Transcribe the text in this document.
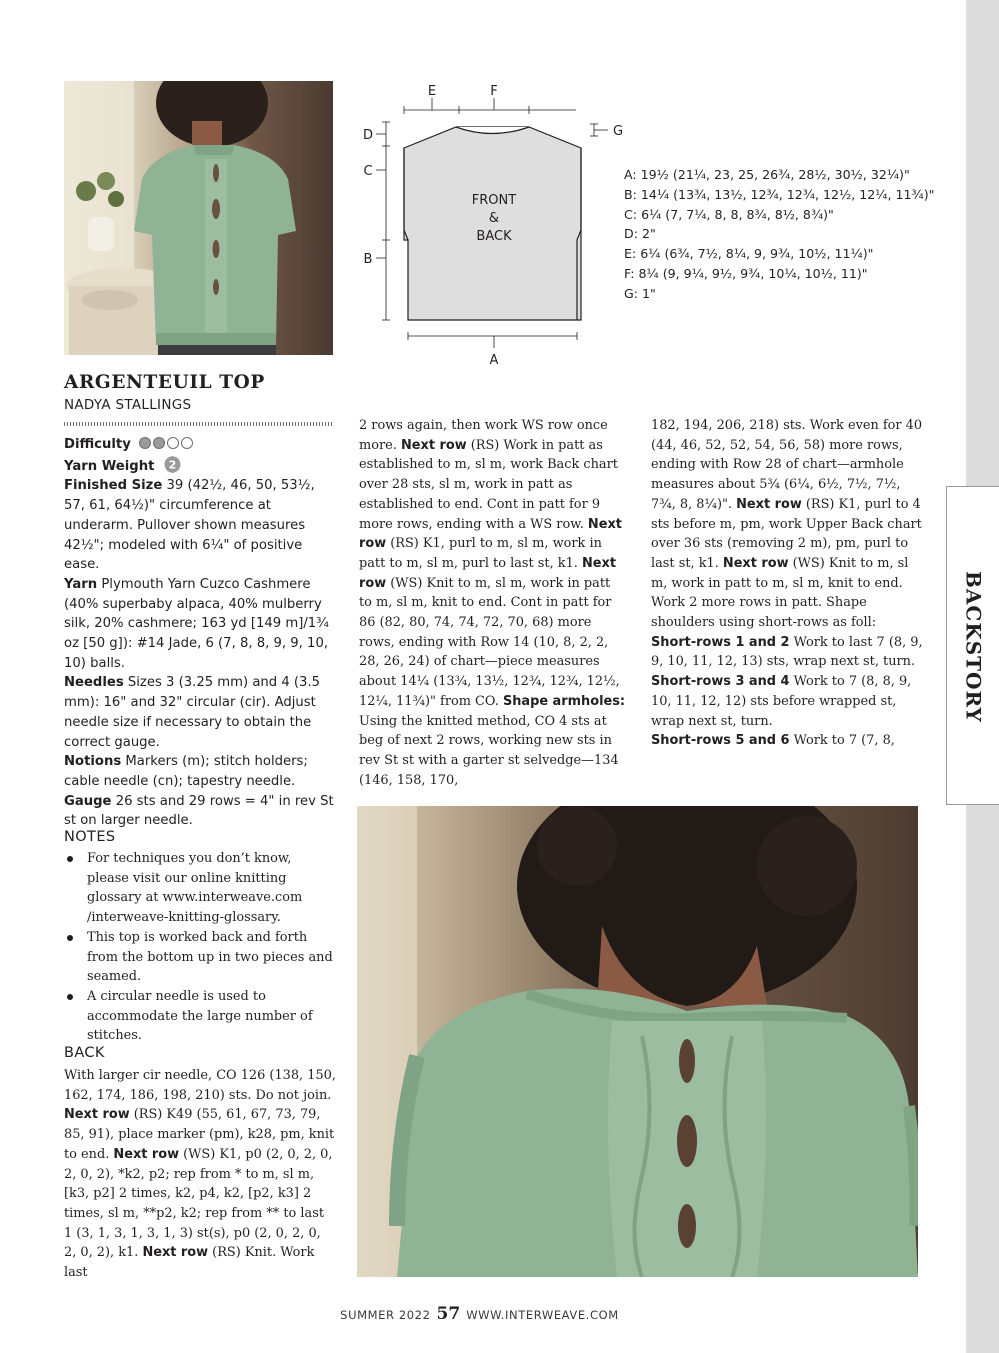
BACKSTORY
FRONT
&
BACK
E	F
D
C
B
G
A
A: 19½ (21¼, 23, 25, 26¾, 28½, 30½, 32¼)"
B: 14¼ (13¾, 13½, 12¾, 12¾, 12½, 12¼, 11¾)"
C: 6¼ (7, 7¼, 8, 8, 8¾, 8½, 8¾)"
D: 2"
E: 6¼ (6¾, 7½, 8¼, 9, 9¾, 10½, 11¼)"
F: 8¼ (9, 9¼, 9½, 9¾, 10¼, 10½, 11)"
G: 1"
ARGENTEUIL TOP
NADYA STALLINGS
Difficulty
Yarn Weight 2
Finished Size 39 (42½, 46, 50, 53½, 57, 61, 64½)" circumference at underarm. Pullover shown measures 42½"; modeled with 6¼" of positive ease.
Yarn Plymouth Yarn Cuzco Cashmere (40% superbaby alpaca, 40% mulberry silk, 20% cashmere; 163 yd [149 m]/1¾ oz [50 g]): #14 Jade, 6 (7, 8, 8, 9, 9, 10, 10) balls.
Needles Sizes 3 (3.25 mm) and 4 (3.5 mm): 16" and 32" circular (cir). Adjust needle size if necessary to obtain the correct gauge.
Notions Markers (m); stitch holders; cable needle (cn); tapestry needle.
Gauge 26 sts and 29 rows = 4" in rev St st on larger needle.
NOTES
For techniques you don’t know, please visit our online knitting glossary at www.interweave.com /interweave-knitting-glossary.
This top is worked back and forth from the bottom up in two pieces and seamed.
A circular needle is used to accommodate the large number of stitches.
BACK
With larger cir needle, CO 126 (138, 150, 162, 174, 186, 198, 210) sts. Do not join. Next row (RS) K49 (55, 61, 67, 73, 79, 85, 91), place marker (pm), k28, pm, knit to end. Next row (WS) K1, p0 (2, 0, 2, 0, 2, 0, 2), *k2, p2; rep from * to m, sl m, [k3, p2] 2 times, k2, p4, k2, [p2, k3] 2 times, sl m, **p2, k2; rep from ** to last 1 (3, 1, 3, 1, 3, 1, 3) st(s), p0 (2, 0, 2, 0, 2, 0, 2), k1. Next row (RS) Knit. Work last
2 rows again, then work WS row once more. Next row (RS) Work in patt as established to m, sl m, work Back chart over 28 sts, sl m, work in patt as established to end. Cont in patt for 9 more rows, ending with a WS row. Next row (RS) K1, purl to m, sl m, work in patt to m, sl m, purl to last st, k1. Next row (WS) Knit to m, sl m, work in patt to m, sl m, knit to end. Cont in patt for 86 (82, 80, 74, 74, 72, 70, 68) more rows, ending with Row 14 (10, 8, 2, 2, 28, 26, 24) of chart—piece measures about 14¼ (13¾, 13½, 12¾, 12¾, 12½, 12¼, 11¾)" from CO. Shape armholes: Using the knitted method, CO 4 sts at beg of next 2 rows, working new sts in rev St st with a garter st selvedge—134 (146, 158, 170,
182, 194, 206, 218) sts. Work even for 40 (44, 46, 52, 52, 54, 56, 58) more rows, ending with Row 28 of chart—armhole measures about 5¾ (6¼, 6½, 7½, 7½, 7¾, 8, 8¼)". Next row (RS) K1, purl to 4 sts before m, pm, work Upper Back chart over 36 sts (removing 2 m), pm, purl to last st, k1. Next row (WS) Knit to m, sl m, work in patt to m, sl m, knit to end. Work 2 more rows in patt. Shape shoulders using short-rows as foll:
Short-rows 1 and 2 Work to last 7 (8, 9, 9, 10, 11, 12, 13) sts, wrap next st, turn.
Short-rows 3 and 4 Work to 7 (8, 8, 9, 10, 11, 12, 12) sts before wrapped st, wrap next st, turn.
Short-rows 5 and 6 Work to 7 (7, 8,
SUMMER 2022 57 WWW.INTERWEAVE.COM
